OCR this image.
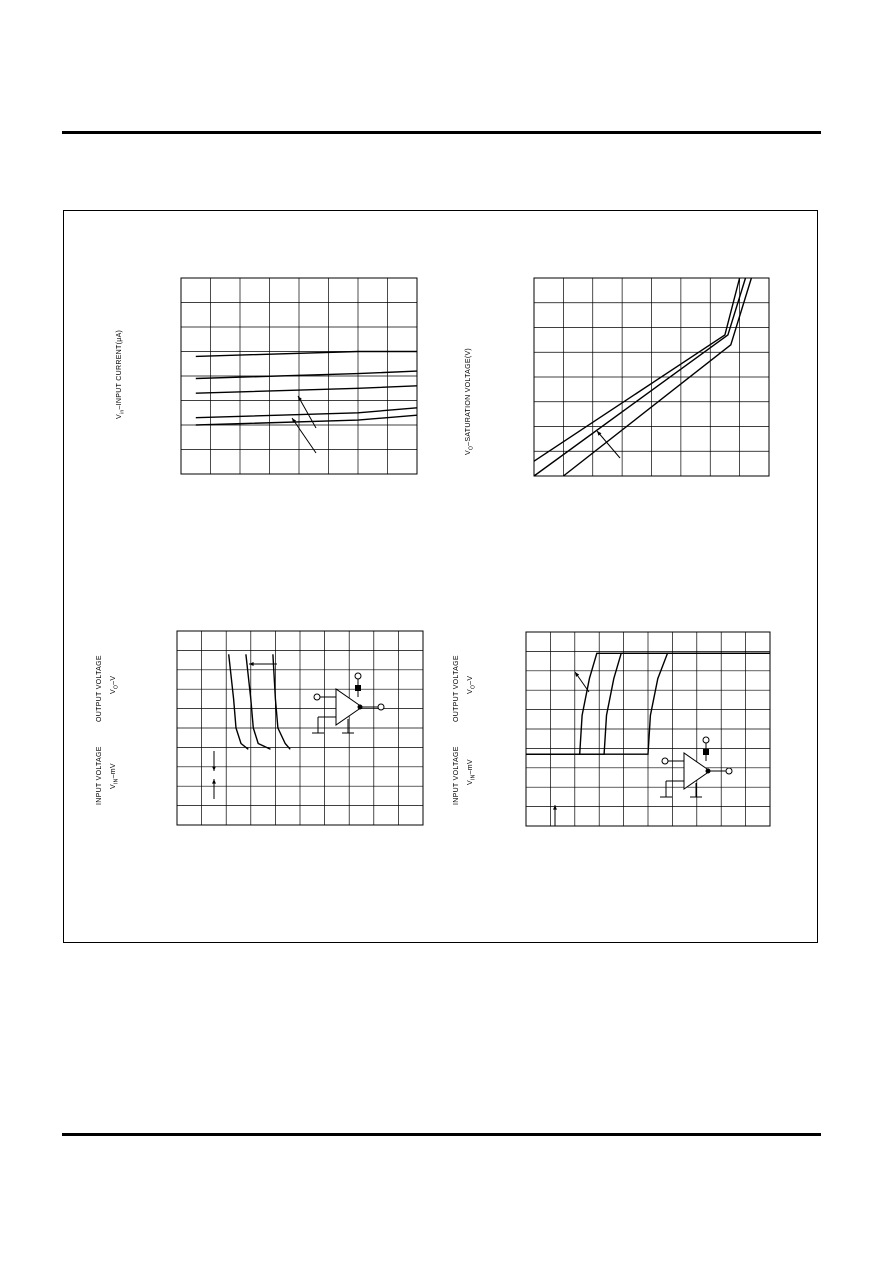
$V_{in}$–INPUT CURRENT(μA)
$V_O$–SATURATION VOLTAGE(V)
OUTPUT VOLTAGE $V_O-V$
INPUT VOLTAGE $V_{IN}-mV$
OUTPUT VOLTAGE $V_O-V$
INPUT VOLTAGE $V_{IN}-mV$
